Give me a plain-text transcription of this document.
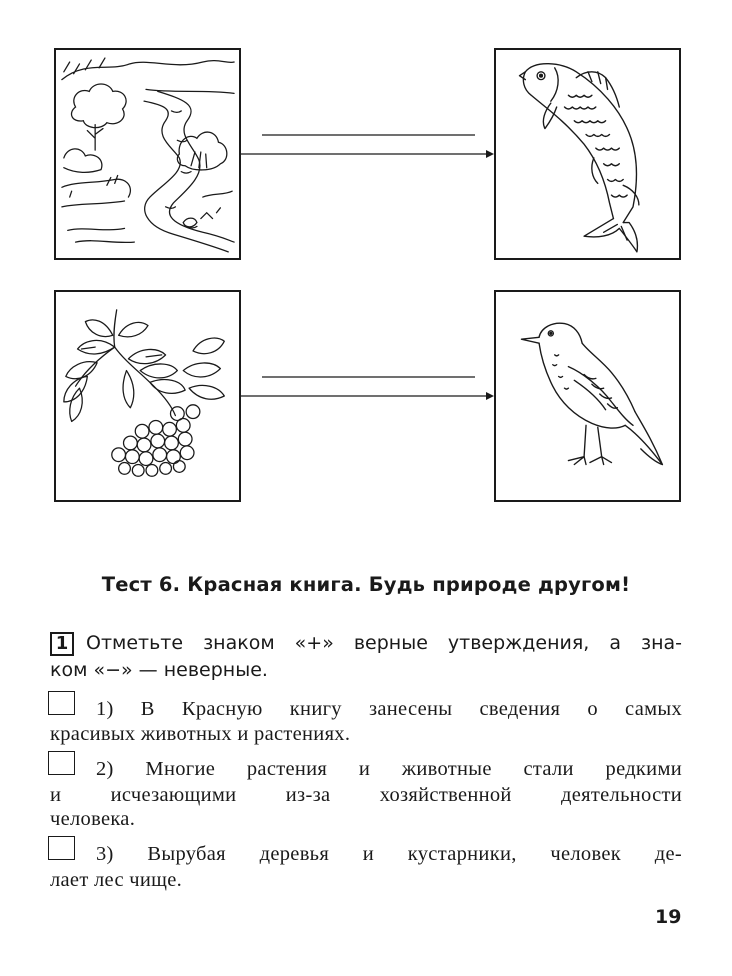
Тест 6. Красная книга. Будь природе другом!
1 Отметьте знаком «+» верные утверждения, а зна-
ком «−» — неверные.
1) В Красную книгу занесены сведения о самых
красивых животных и растениях.
2) Многие растения и животные стали редкими
и исчезающими из-за хозяйственной деятельности
человека.
3) Вырубая деревья и кустарники, человек де-
лает лес чище.
19
